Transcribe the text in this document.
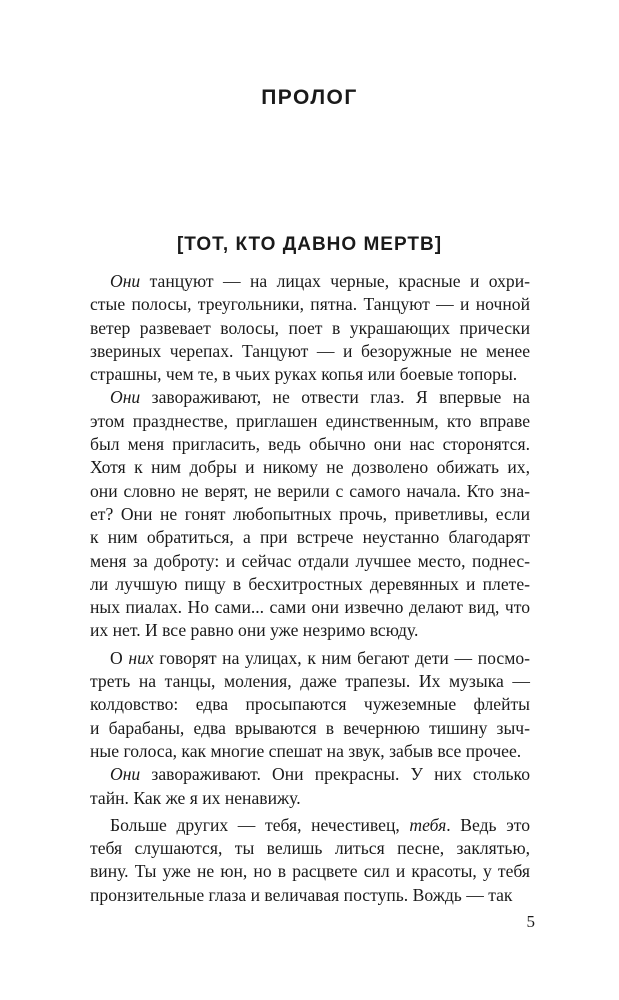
ПРОЛОГ
[ТОТ, КТО ДАВНО МЕРТВ]
Они танцуют — на лицах черные, красные и охри-
стые полосы, треугольники, пятна. Танцуют — и ночной
ветер развевает волосы, поет в украшающих прически
звериных черепах. Танцуют — и безоружные не менее
страшны, чем те, в чьих руках копья или боевые топоры.
Они завораживают, не отвести глаз. Я впервые на
этом празднестве, приглашен единственным, кто вправе
был меня пригласить, ведь обычно они нас сторонятся.
Хотя к ним добры и никому не дозволено обижать их,
они словно не верят, не верили с самого начала. Кто зна-
ет? Они не гонят любопытных прочь, приветливы, если
к ним обратиться, а при встрече неустанно благодарят
меня за доброту: и сейчас отдали лучшее место, поднес-
ли лучшую пищу в бесхитростных деревянных и плете-
ных пиалах. Но сами... сами они извечно делают вид, что
их нет. И все равно они уже незримо всюду.
О них говорят на улицах, к ним бегают дети — посмо-
треть на танцы, моления, даже трапезы. Их музыка —
колдовство: едва просыпаются чужеземные флейты
и барабаны, едва врываются в вечернюю тишину зыч-
ные голоса, как многие спешат на звук, забыв все прочее.
Они завораживают. Они прекрасны. У них столько
тайн. Как же я их ненавижу.
Больше других — тебя, нечестивец, тебя. Ведь это
тебя слушаются, ты велишь литься песне, заклятью,
вину. Ты уже не юн, но в расцвете сил и красоты, у тебя
пронзительные глаза и величавая поступь. Вождь — так
5
